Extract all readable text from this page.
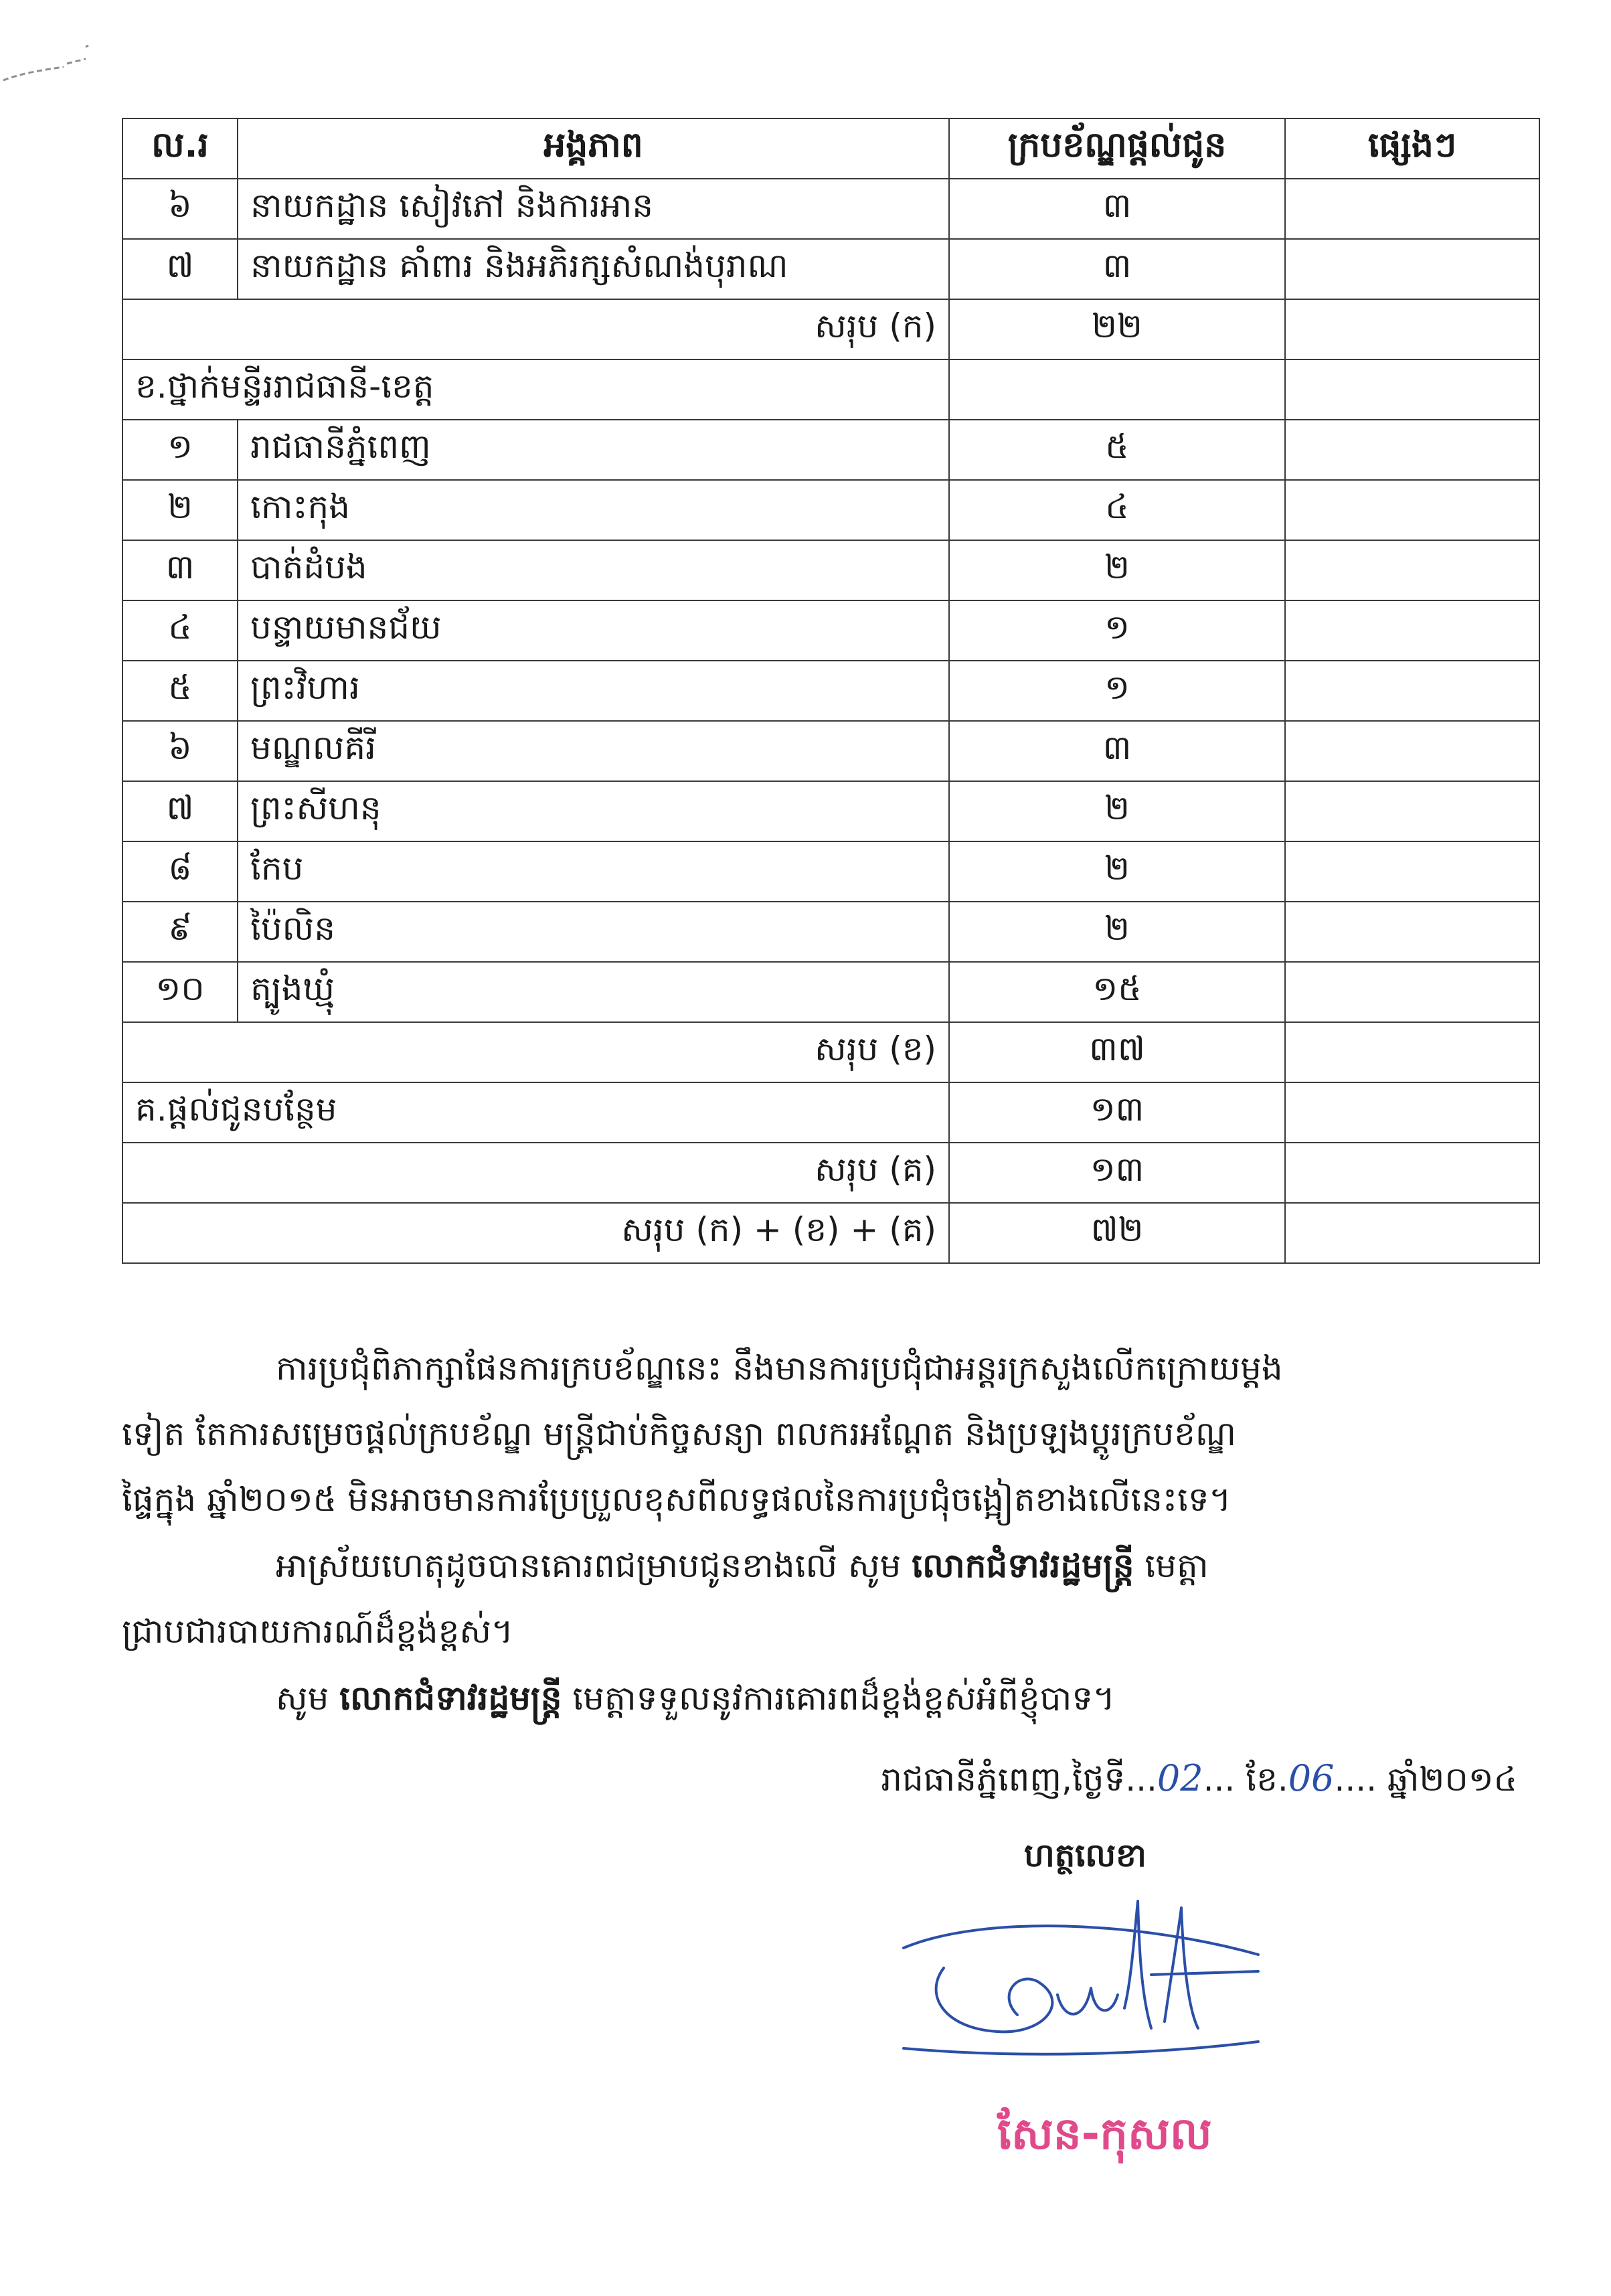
ល.រ	អង្គភាព	ក្របខ័ណ្ឌផ្តល់ជូន	ផ្សេងៗ
៦	នាយកដ្ឋាន សៀវភៅ និងការអាន	៣	
៧	នាយកដ្ឋាន គាំពារ និងអភិរក្សសំណង់បុរាណ	៣	
សរុប (ក)		២២	
ខ.ថ្នាក់មន្ទីររាជធានី-ខេត្ត			
១	រាជធានីភ្នំពេញ	៥	
២	កោះកុង	៤	
៣	បាត់ដំបង	២	
៤	បន្ទាយមានជ័យ	១	
៥	ព្រះវិហារ	១	
៦	មណ្ឌលគីរី	៣	
៧	ព្រះសីហនុ	២	
៨	កែប	២	
៩	ប៉ៃលិន	២	
១០	ត្បូងឃ្មុំ	១៥	
សរុប (ខ)		៣៧	
គ.ផ្តល់ជូនបន្ថែម		១៣	
សរុប (គ)		១៣	
សរុប (ក) + (ខ) + (គ)		៧២	
ការប្រជុំពិភាក្សាផែនការក្របខ័ណ្ឌនេះ នឹងមានការប្រជុំជាអន្តរក្រសួងលើកក្រោយម្តង
ទៀត តែការសម្រេចផ្តល់ក្របខ័ណ្ឌ មន្ត្រីជាប់កិច្ចសន្យា ពលករអណ្តែត និងប្រឡងប្តូរក្របខ័ណ្ឌ
ផ្ទៃក្នុង ឆ្នាំ២០១៥ មិនអាចមានការប្រែប្រួលខុសពីលទ្ធផលនៃការប្រជុំចង្អៀតខាងលើនេះទេ។
អាស្រ័យហេតុដូចបានគោរពជម្រាបជូនខាងលើ សូម លោកជំទាវរដ្ឋមន្ត្រី មេត្តា
ជ្រាបជារបាយការណ៍ដ៏ខ្ពង់ខ្ពស់។
សូម លោកជំទាវរដ្ឋមន្ត្រី មេត្តាទទួលនូវការគោរពដ៏ខ្ពង់ខ្ពស់អំពីខ្ញុំបាទ។
រាជធានីភ្នំពេញ,ថ្ងៃទី...02... ខែ.06.... ឆ្នាំ២០១៤
ហត្ថលេខា
សែន-កុសល
